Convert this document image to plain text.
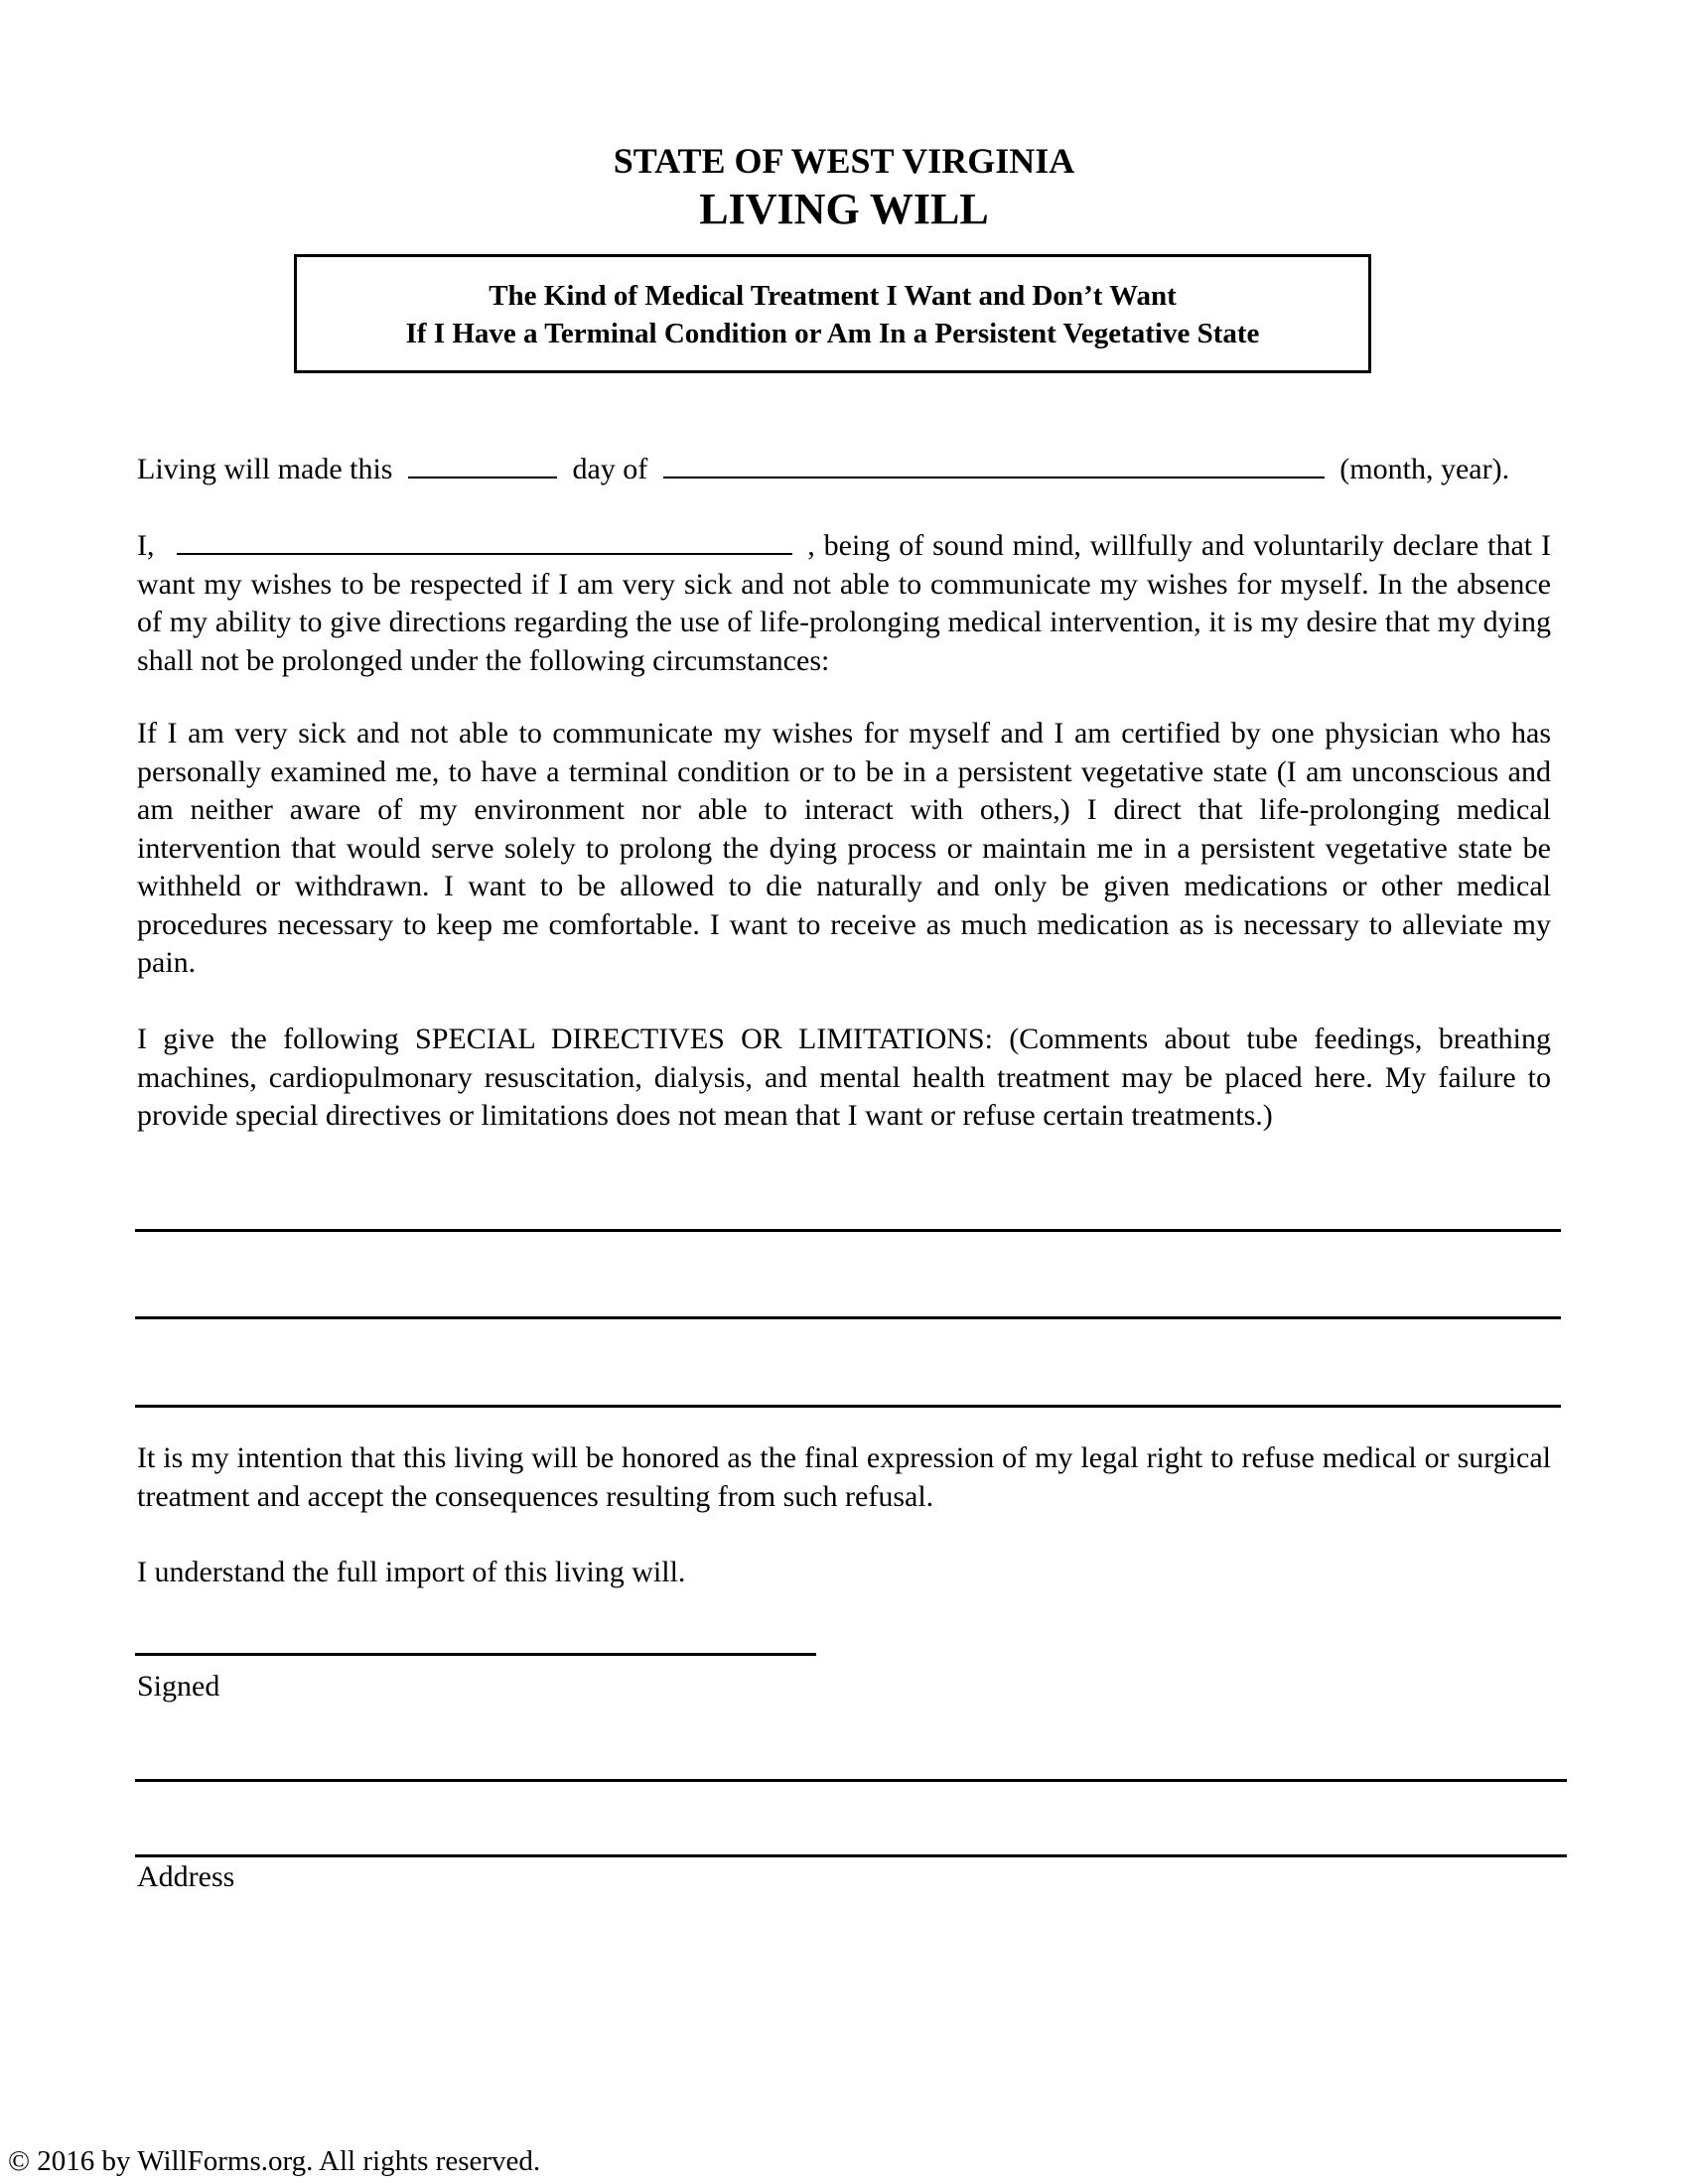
STATE OF WEST VIRGINIA
LIVING WILL
The Kind of Medical Treatment I Want and Don’t Want
If I Have a Terminal Condition or Am In a Persistent Vegetative State
Living will made this	day of	(month, year).
I,	, being of sound mind, willfully and voluntarily declare that I want my wishes to be respected if I am very sick and not able to communicate my wishes for myself. In the absence of my ability to give directions regarding the use of life-prolonging medical intervention, it is my desire that my dying shall not be prolonged under the following circumstances:
If I am very sick and not able to communicate my wishes for myself and I am certified by one physician who has personally examined me, to have a terminal condition or to be in a persistent vegetative state (I am unconscious and am neither aware of my environment nor able to interact with others,) I direct that life-prolonging medical intervention that would serve solely to prolong the dying process or maintain me in a persistent vegetative state be withheld or withdrawn. I want to be allowed to die naturally and only be given medications or other medical procedures necessary to keep me comfortable. I want to receive as much medication as is necessary to alleviate my pain.
I give the following SPECIAL DIRECTIVES OR LIMITATIONS: (Comments about tube feedings, breathing machines, cardiopulmonary resuscitation, dialysis, and mental health treatment may be placed here. My failure to provide special directives or limitations does not mean that I want or refuse certain treatments.)
It is my intention that this living will be honored as the final expression of my legal right to refuse medical or surgical treatment and accept the consequences resulting from such refusal.
I understand the full import of this living will.
Signed
Address
© 2016 by WillForms.org. All rights reserved.
